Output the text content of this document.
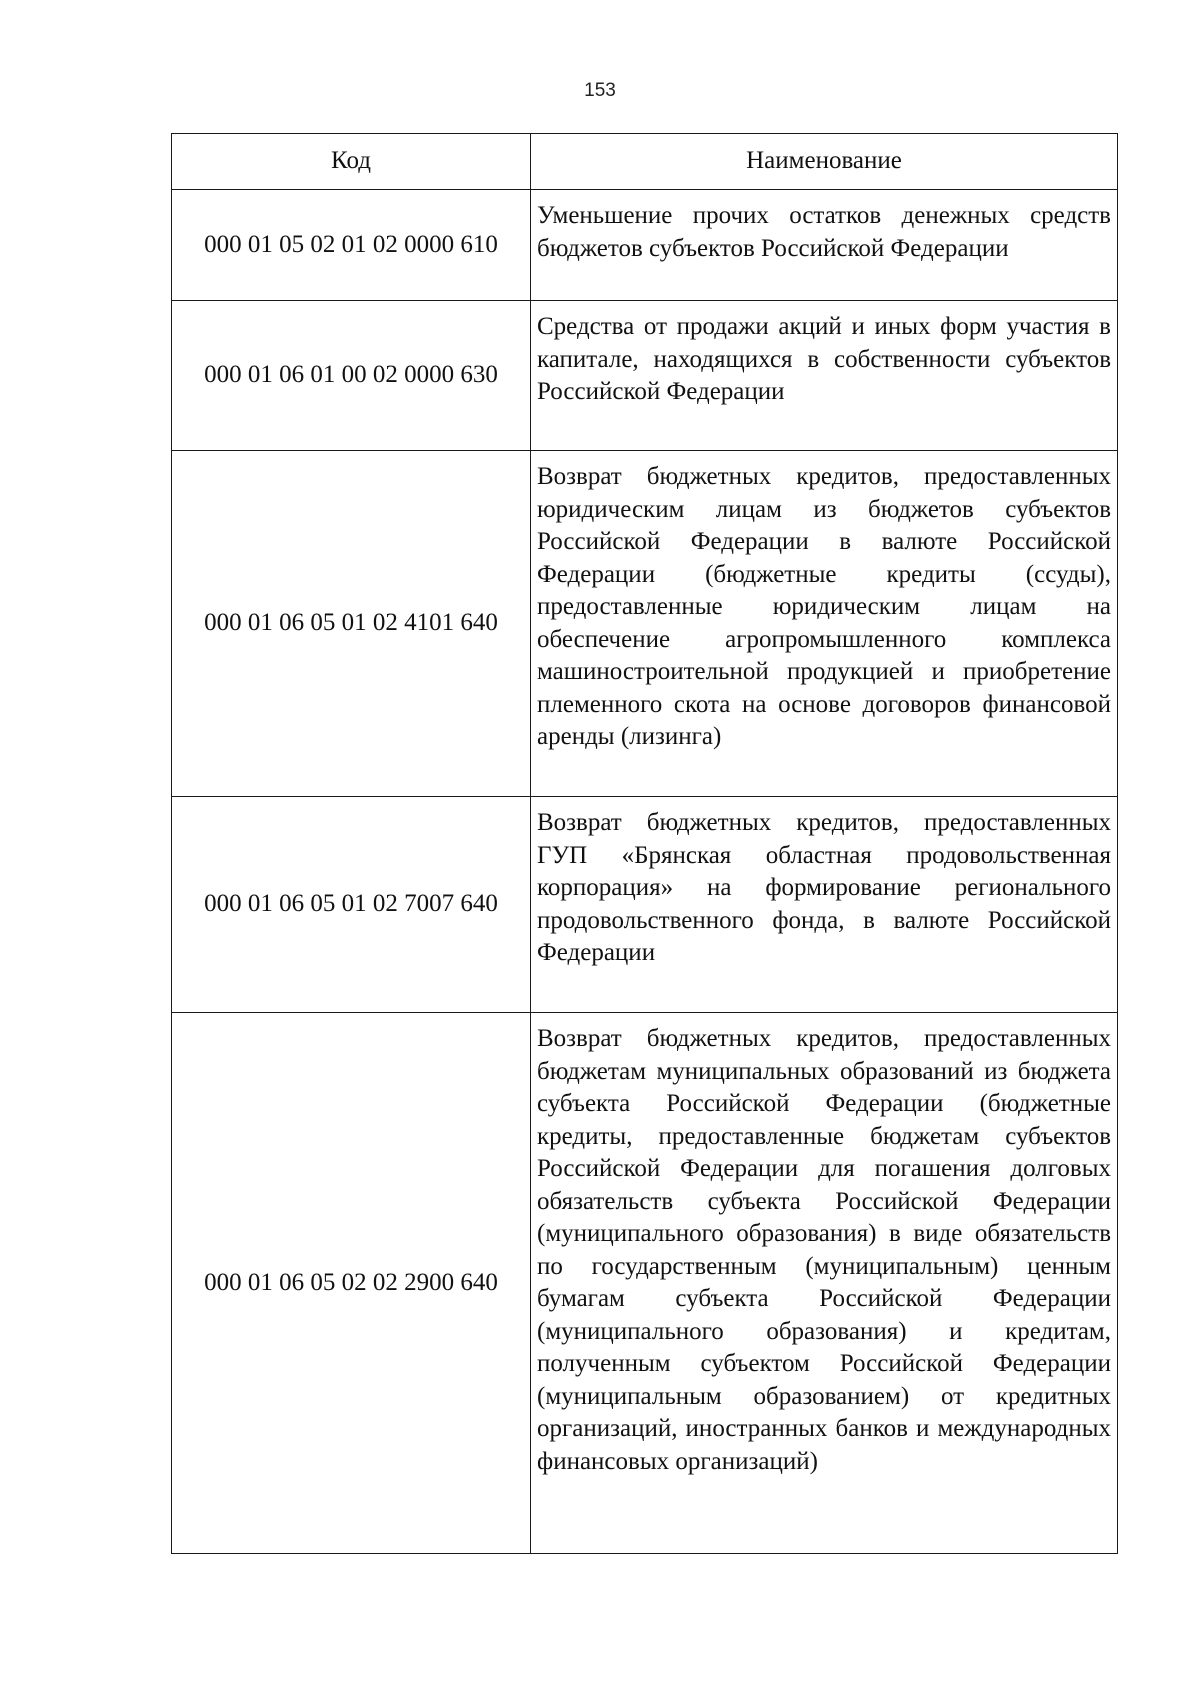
153
Код	Наименование
000 01 05 02 01 02 0000 610	Уменьшение прочих остатков денежных средств бюджетов субъектов Российской Федерации
000 01 06 01 00 02 0000 630	Средства от продажи акций и иных форм участия в капитале, находящихся в собственности субъектов Российской Федерации
000 01 06 05 01 02 4101 640	Возврат бюджетных кредитов, предоставленных юридическим лицам из бюджетов субъектов Российской Федерации в валюте Российской Федерации (бюджетные кредиты (ссуды), предоставленные юридическим лицам на обеспечение агропромышленного комплекса машиностроительной продукцией и приобретение племенного скота на основе договоров финансовой аренды (лизинга)
000 01 06 05 01 02 7007 640	Возврат бюджетных кредитов, предоставленных ГУП «Брянская областная продовольственная корпорация» на формирование регионального продовольственного фонда, в валюте Российской Федерации
000 01 06 05 02 02 2900 640	Возврат бюджетных кредитов, предоставленных бюджетам муниципальных образований из бюджета субъекта Российской Федерации (бюджетные кредиты, предоставленные бюджетам субъектов Российской Федерации для погашения долговых обязательств субъекта Российской Федерации (муниципального образования) в виде обязательств по государственным (муниципальным) ценным бумагам субъекта Российской Федерации (муниципального образования) и кредитам, полученным субъектом Российской Федерации (муниципальным образованием) от кредитных организаций, иностранных банков и международных финансовых организаций)
